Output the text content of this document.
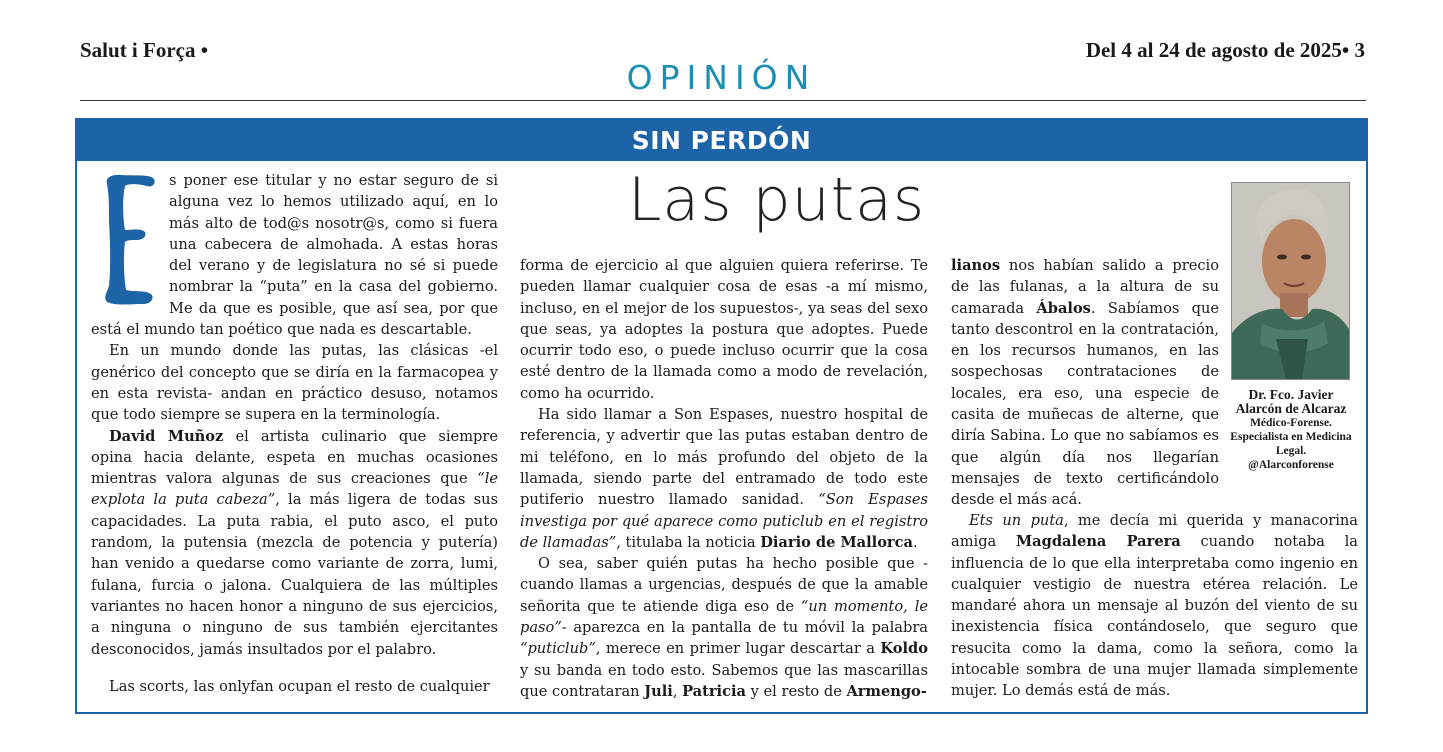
Salut i Força •	Del 4 al 24 de agosto de 2025• 3
OPINIÓN
SIN PERDÓN
Las putas

E
s poner ese titular y no estar seguro de si alguna vez lo hemos utilizado aquí, en lo más alto de tod@s nosotr@s, como si fuera una cabecera de almohada. A estas horas del verano y de legislatura no sé si puede nombrar la “puta” en la casa del gobierno. Me da que es posible, que así sea, por que está el mundo tan poético que nada es descartable.

En un mundo donde las putas, las clásicas -el genérico del concepto que se diría en la farmacopea y en esta revista- andan en práctico desuso, notamos que todo siempre se supera en la terminología.

David Muñoz el artista culinario que siempre opina hacia delante, espeta en muchas ocasiones mientras valora algunas de sus creaciones que “le explota la puta cabeza”, la más ligera de todas sus capacidades. La puta rabia, el puto asco, el puto random, la putensia (mezcla de potencia y putería) han venido a quedarse como variante de zorra, lumi, fulana, furcia o jalona. Cualquiera de las múltiples variantes no hacen honor a ninguno de sus ejercicios, a ninguna o ninguno de sus también ejercitantes desconocidos, jamás insultados por el palabro.

Las scorts, las onlyfan ocupan el resto de cualquier

forma de ejercicio al que alguien quiera referirse. Te pueden llamar cualquier cosa de esas -a mí mismo, incluso, en el mejor de los supuestos-, ya seas del sexo que seas, ya adoptes la postura que adoptes. Puede ocurrir todo eso, o puede incluso ocurrir que la cosa esté dentro de la llamada como a modo de revelación, como ha ocurrido.

Ha sido llamar a Son Espases, nuestro hospital de referencia, y advertir que las putas estaban dentro de mi teléfono, en lo más profundo del objeto de la llamada, siendo parte del entramado de todo este putiferio nuestro llamado sanidad. “Son Espases investiga por qué aparece como puticlub en el registro de llamadas”, titulaba la noticia Diario de Mallorca.

O sea, saber quién putas ha hecho posible que -cuando llamas a urgencias, después de que la amable señorita que te atiende diga eso de “un momento, le paso”- aparezca en la pantalla de tu móvil la palabra “puticlub”, merece en primer lugar descartar a Koldo y su banda en todo esto. Sabemos que las mascarillas que contrataran Juli, Patricia y el resto de Armengo-

lianos nos habían salido a precio de las fulanas, a la altura de su camarada Ábalos. Sabíamos que tanto descontrol en la contratación, en los recursos humanos, en las sospechosas contrataciones de locales, era eso, una especie de casita de muñecas de alterne, que diría Sabina. Lo que no sabíamos es que algún día nos llegarían mensajes de texto certificándolo desde el más acá.

Ets un puta, me decía mi querida y manacorina amiga Magdalena Parera cuando notaba la influencia de lo que ella interpretaba como ingenio en cualquier vestigio de nuestra etérea relación. Le mandaré ahora un mensaje al buzón del viento de su inexistencia física contándoselo, que seguro que resucita como la dama, como la señora, como la intocable sombra de una mujer llamada simplemente mujer. Lo demás está de más.

Dr. Fco. Javier Alarcón de Alcaraz
Médico-Forense.
Especialista en Medicina Legal.
@Alarconforense
